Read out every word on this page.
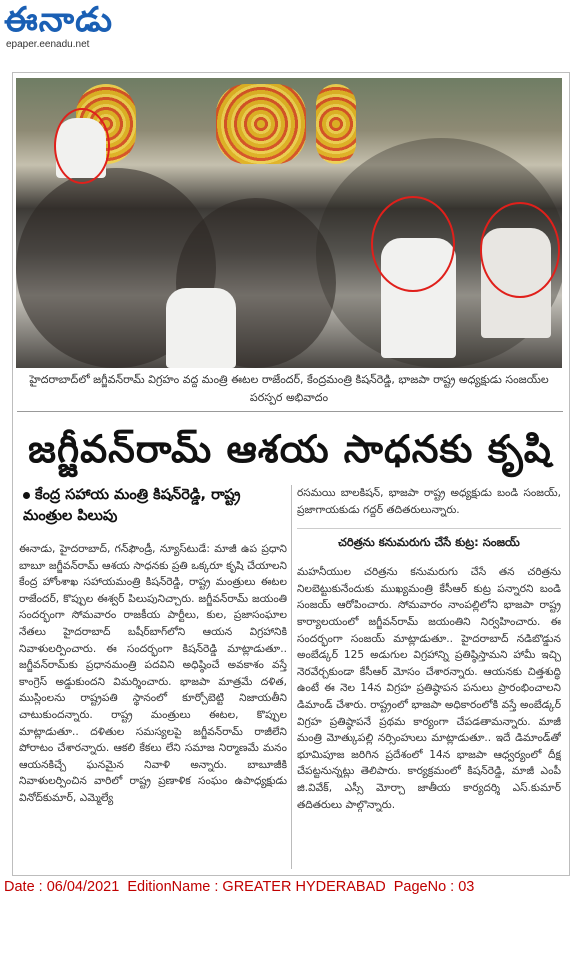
ఈనాడు
epaper.eenadu.net
హైదరాబాద్‌లో జగ్జీవన్‌రామ్‌ విగ్రహం వద్ద మంత్రి ఈటల రాజేందర్‌, కేంద్రమంత్రి కిషన్‌రెడ్డి, భాజపా రాష్ట్ర అధ్యక్షుడు సంజయ్‌ల పరస్పర అభివాదం
జగ్జీవన్‌రామ్‌ ఆశయ సాధనకు కృషి
కేంద్ర సహాయ మంత్రి కిషన్‌రెడ్డి, రాష్ట్ర మంత్రుల పిలుపు

ఈనాడు, హైదరాబాద్‌, గన్‌ఫౌండ్రీ, న్యూస్‌టుడే: మాజీ ఉప ప్రధాని బాబూ జగ్జీవన్‌రామ్‌ ఆశయ సాధనకు ప్రతి ఒక్కరూ కృషి చేయాలని కేంద్ర హోంశాఖ సహాయమంత్రి కిషన్‌రెడ్డి, రాష్ట్ర మంత్రులు ఈటల రాజేందర్‌, కొప్పుల ఈశ్వర్‌ పిలుపునిచ్చారు. జగ్జీవన్‌రామ్‌ జయంతి సందర్భంగా సోమవారం రాజకీయ పార్టీలు, కుల, ప్రజాసంఘాల నేతలు హైదరాబాద్‌ బషీర్‌బాగ్‌లోని ఆయన విగ్రహానికి నివాళులర్పించారు. ఈ సందర్భంగా కిషన్‌రెడ్డి మాట్లాడుతూ.. జగ్జీవన్‌రామ్‌కు ప్రధానమంత్రి పదవిని అధిష్ఠించే అవకాశం వస్తే కాంగ్రెస్‌ అడ్డుకుందని విమర్శించారు. భాజపా మాత్రమే దళిత, ముస్లింలను రాష్ట్రపతి స్థానంలో కూర్చోబెట్టి నిజాయతీని చాటుకుందన్నారు. రాష్ట్ర మంత్రులు ఈటల, కొప్పుల మాట్లాడుతూ.. దళితుల సమస్యలపై జగ్జీవన్‌రామ్‌ రాజీలేని పోరాటం చేశారన్నారు. ఆకలి కేకలు లేని సమాజ నిర్మాణమే మనం ఆయనకిచ్చే ఘనమైన నివాళి అన్నారు. బాబూజీకి నివాళులర్పించిన వారిలో రాష్ట్ర ప్రణాళిక సంఘం ఉపాధ్యక్షుడు వినోద్‌కుమార్‌, ఎమ్మెల్యే

రసమయి బాలకిషన్‌, భాజపా రాష్ట్ర అధ్యక్షుడు బండి సంజయ్‌, ప్రజాగాయకుడు గద్దర్‌ తదితరులున్నారు.

చరిత్రను కనుమరుగు చేసే కుట్ర: సంజయ్‌

మహనీయుల చరిత్రను కనుమరుగు చేసే తన చరిత్రను నిలబెట్టుకునేందుకు ముఖ్యమంత్రి కేసీఆర్‌ కుట్ర పన్నారని బండి సంజయ్‌ ఆరోపించారు. సోమవారం నాంపల్లిలోని భాజపా రాష్ట్ర కార్యాలయంలో జగ్జీవన్‌రామ్‌ జయంతిని నిర్వహించారు. ఈ సందర్భంగా సంజయ్‌ మాట్లాడుతూ.. హైదరాబాద్‌ నడిబొడ్డున అంబేడ్కర్‌ 125 అడుగుల విగ్రహాన్ని ప్రతిష్ఠిస్తామని హామీ ఇచ్చి నెరవేర్చకుండా కేసీఆర్‌ మోసం చేశారన్నారు. ఆయనకు చిత్తశుద్ధి ఉంటే ఈ నెల 14న విగ్రహ ప్రతిష్ఠాపన పనులు ప్రారంభించాలని డిమాండ్‌ చేశారు. రాష్ట్రంలో భాజపా అధికారంలోకి వస్తే అంబేడ్కర్‌ విగ్రహ ప్రతిష్ఠాపనే ప్రథమ కార్యంగా చేపడతామన్నారు. మాజీ మంత్రి మోత్కుపల్లి నర్సింహులు మాట్లాడుతూ.. ఇదే డిమాండ్‌తో భూమిపూజ జరిగిన ప్రదేశంలో 14న భాజపా ఆధ్వర్యంలో దీక్ష చేపట్టనున్నట్లు తెలిపారు. కార్యక్రమంలో కిషన్‌రెడ్డి, మాజీ ఎంపీ జి.వివేక్‌, ఎస్సీ మోర్చా జాతీయ కార్యదర్శి ఎస్‌.కుమార్‌ తదితరులు పాల్గొన్నారు.

Date : 06/04/2021 EditionName : GREATER HYDERABAD PageNo : 03
